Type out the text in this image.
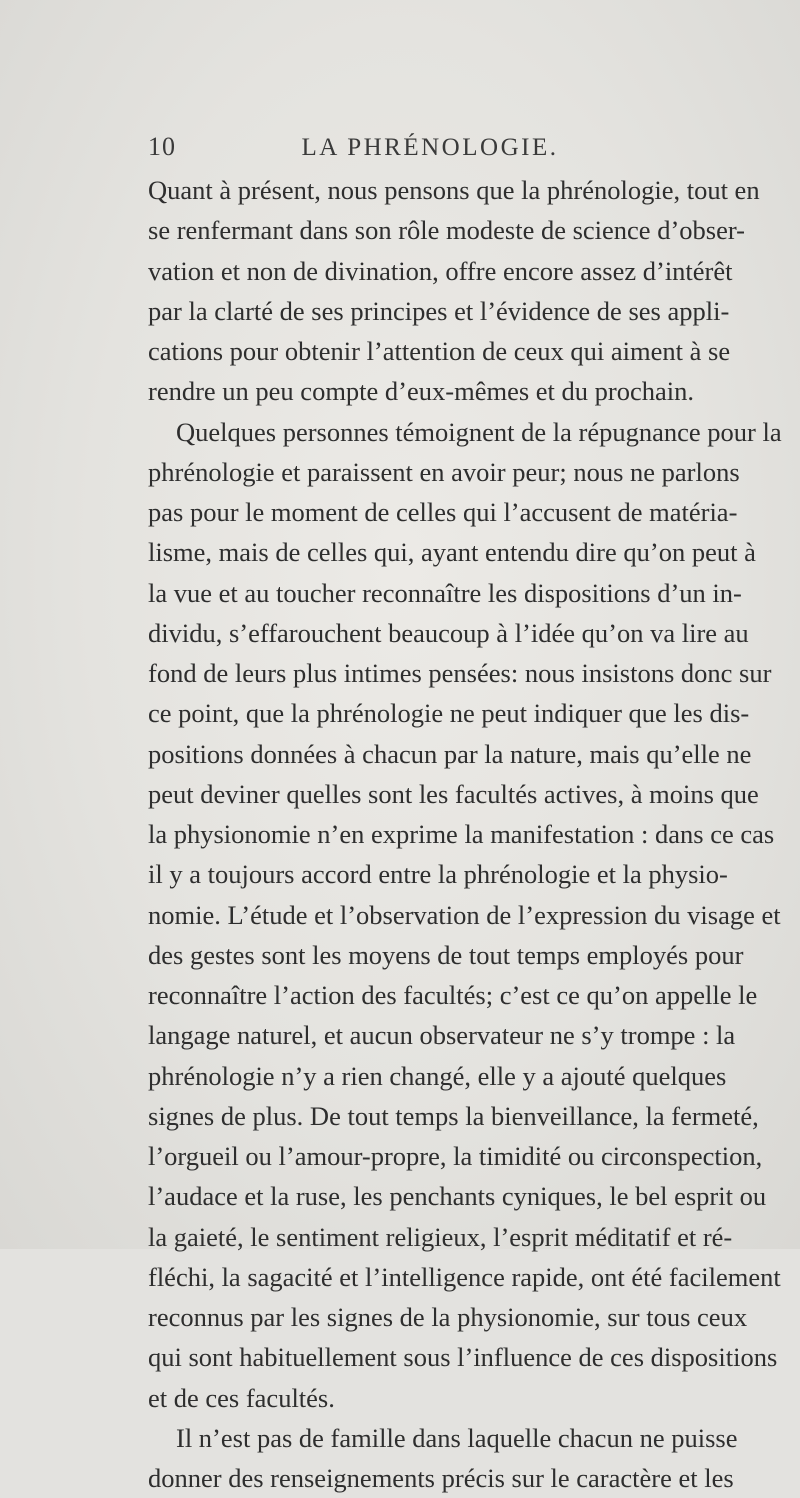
10	LA PHRÉNOLOGIE.

Quant à présent, nous pensons que la phrénologie, tout en
se renfermant dans son rôle modeste de science d’obser-
vation et non de divination, offre encore assez d’intérêt
par la clarté de ses principes et l’évidence de ses appli-
cations pour obtenir l’attention de ceux qui aiment à se
rendre un peu compte d’eux-mêmes et du prochain.

Quelques personnes témoignent de la répugnance pour la
phrénologie et paraissent en avoir peur; nous ne parlons
pas pour le moment de celles qui l’accusent de matéria-
lisme, mais de celles qui, ayant entendu dire qu’on peut à
la vue et au toucher reconnaître les dispositions d’un in-
dividu, s’effarouchent beaucoup à l’idée qu’on va lire au
fond de leurs plus intimes pensées: nous insistons donc sur
ce point, que la phrénologie ne peut indiquer que les dis-
positions données à chacun par la nature, mais qu’elle ne
peut deviner quelles sont les facultés actives, à moins que
la physionomie n’en exprime la manifestation : dans ce cas
il y a toujours accord entre la phrénologie et la physio-
nomie. L’étude et l’observation de l’expression du visage et
des gestes sont les moyens de tout temps employés pour
reconnaître l’action des facultés; c’est ce qu’on appelle le
langage naturel, et aucun observateur ne s’y trompe : la
phrénologie n’y a rien changé, elle y a ajouté quelques
signes de plus. De tout temps la bienveillance, la fermeté,
l’orgueil ou l’amour-propre, la timidité ou circonspection,
l’audace et la ruse, les penchants cyniques, le bel esprit ou
la gaieté, le sentiment religieux, l’esprit méditatif et ré-
fléchi, la sagacité et l’intelligence rapide, ont été facilement
reconnus par les signes de la physionomie, sur tous ceux
qui sont habituellement sous l’influence de ces dispositions
et de ces facultés.

Il n’est pas de famille dans laquelle chacun ne puisse
donner des renseignements précis sur le caractère et les
